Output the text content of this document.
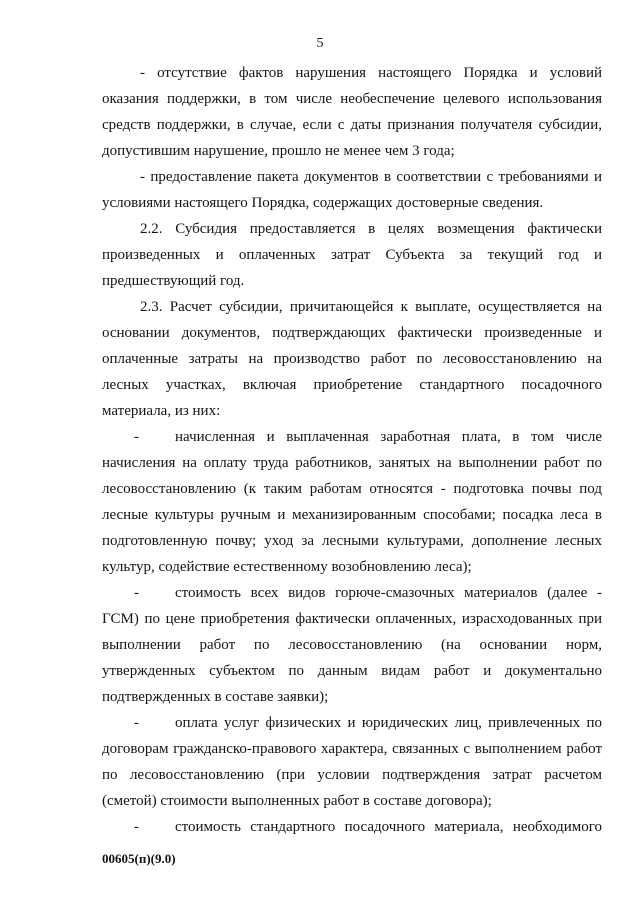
5
- отсутствие фактов нарушения настоящего Порядка и условий
оказания поддержки, в том числе необеспечение целевого использования
средств поддержки, в случае, если с даты признания получателя субсидии,
допустившим нарушение, прошло не менее чем 3 года;
- предоставление пакета документов в соответствии с требованиями и
условиями настоящего Порядка, содержащих достоверные сведения.
2.2. Субсидия предоставляется в целях возмещения фактически
произведенных и оплаченных затрат Субъекта за текущий год и
предшествующий год.
2.3. Расчет субсидии, причитающейся к выплате, осуществляется на
основании документов, подтверждающих фактически произведенные и
оплаченные затраты на производство работ по лесовосстановлению на
лесных участках, включая приобретение стандартного посадочного
материала, из них:
- начисленная и выплаченная заработная плата, в том числе
начисления на оплату труда работников, занятых на выполнении работ по
лесовосстановлению (к таким работам относятся - подготовка почвы под
лесные культуры ручным и механизированным способами; посадка леса в
подготовленную почву; уход за лесными культурами, дополнение лесных
культур, содействие естественному возобновлению леса);
- стоимость всех видов горюче-смазочных материалов (далее -
ГСМ) по цене приобретения фактически оплаченных, израсходованных при
выполнении работ по лесовосстановлению (на основании норм,
утвержденных субъектом по данным видам работ и документально
подтвержденных в составе заявки);
- оплата услуг физических и юридических лиц, привлеченных по
договорам гражданско-правового характера, связанных с выполнением работ
по лесовосстановлению (при условии подтверждения затрат расчетом
(сметой) стоимости выполненных работ в составе договора);
- стоимость стандартного посадочного материала, необходимого
00605(п)(9.0)
